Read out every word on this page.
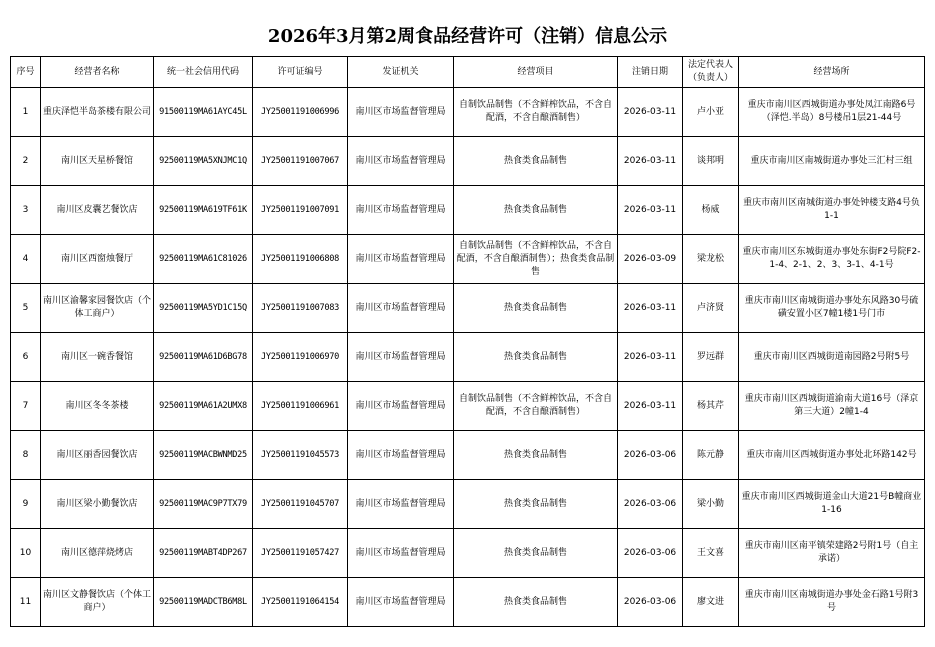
2026年3月第2周食品经营许可（注销）信息公示
序号	经营者名称	统一社会信用代码	许可证编号	发证机关	经营项目	注销日期	法定代表人（负责人）	经营场所
1	重庆泽恺半岛茶楼有限公司	91500119MA61AYC45L	JY25001191006996	南川区市场监督管理局	自制饮品制售（不含鲜榨饮品，不含自配酒，不含自酿酒制售）	2026-03-11	卢小亚	重庆市南川区西城街道办事处凤江南路6号（泽恺.半岛）8号楼吊1层21-44号
2	南川区天星桥餐馆	92500119MA5XNJMC1Q	JY25001191007067	南川区市场监督管理局	热食类食品制售	2026-03-11	谈邦明	重庆市南川区南城街道办事处三汇村三组
3	南川区皮囊艺餐饮店	92500119MA619TF61K	JY25001191007091	南川区市场监督管理局	热食类食品制售	2026-03-11	杨威	重庆市南川区南城街道办事处钟楼支路4号负1-1
4	南川区西窗烛餐厅	92500119MA61C81026	JY25001191006808	南川区市场监督管理局	自制饮品制售（不含鲜榨饮品，不含自配酒，不含自酿酒制售）；热食类食品制售	2026-03-09	梁龙松	重庆市南川区东城街道办事处东街F2号院F2-1-4、2-1、2、3、3-1、4-1号
5	南川区渝馨家园餐饮店（个体工商户）	92500119MA5YD1C15Q	JY25001191007083	南川区市场监督管理局	热食类食品制售	2026-03-11	卢济贤	重庆市南川区南城街道办事处东风路30号硫磺安置小区7幢1楼1号门市
6	南川区一碗香餐馆	92500119MA61D6BG78	JY25001191006970	南川区市场监督管理局	热食类食品制售	2026-03-11	罗远群	重庆市南川区西城街道南园路2号附5号
7	南川区冬冬茶楼	92500119MA61A2UMX8	JY25001191006961	南川区市场监督管理局	自制饮品制售（不含鲜榨饮品，不含自配酒，不含自酿酒制售）	2026-03-11	杨其芹	重庆市南川区西城街道渝南大道16号（泽京第三大道）2幢1-4
8	南川区丽香园餐饮店	92500119MACBWNMD25	JY25001191045573	南川区市场监督管理局	热食类食品制售	2026-03-06	陈元静	重庆市南川区西城街道办事处北环路142号
9	南川区梁小勤餐饮店	92500119MAC9P7TX79	JY25001191045707	南川区市场监督管理局	热食类食品制售	2026-03-06	梁小勤	重庆市南川区西城街道金山大道21号B幢商业1-16
10	南川区德萍烧烤店	92500119MABT4DP267	JY25001191057427	南川区市场监督管理局	热食类食品制售	2026-03-06	王文喜	重庆市南川区南平镇荣建路2号附1号（自主承诺）
11	南川区文静餐饮店（个体工商户）	92500119MADCTB6M8L	JY25001191064154	南川区市场监督管理局	热食类食品制售	2026-03-06	廖文进	重庆市南川区南城街道办事处金石路1号附3号
